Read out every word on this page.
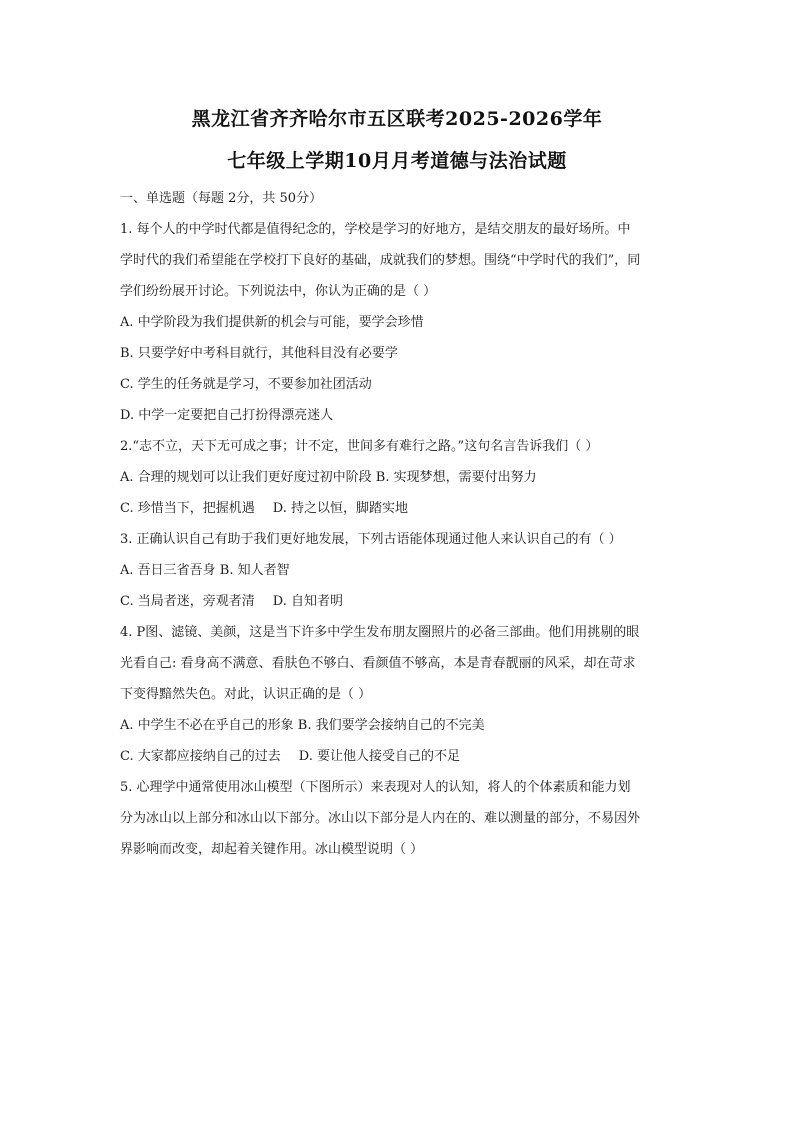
黑龙江省齐齐哈尔市五区联考2025-2026学年
七年级上学期10月月考道德与法治试题
一、单选题（每题 2分，共 50分）
1. 每个人的中学时代都是值得纪念的，学校是学习的好地方，是结交朋友的最好场所。中
学时代的我们希望能在学校打下良好的基础，成就我们的梦想。围绕“中学时代的我们”，同
学们纷纷展开讨论。下列说法中，你认为正确的是（ ）
A. 中学阶段为我们提供新的机会与可能，要学会珍惜
B. 只要学好中考科目就行，其他科目没有必要学
C. 学生的任务就是学习，不要参加社团活动
D. 中学一定要把自己打扮得漂亮迷人
2.“志不立，天下无可成之事；计不定，世间多有难行之路。”这句名言告诉我们（ ）
A. 合理的规划可以让我们更好度过初中阶段 B. 实现梦想，需要付出努力
C. 珍惜当下，把握机遇 D. 持之以恒，脚踏实地
3. 正确认识自己有助于我们更好地发展，下列古语能体现通过他人来认识自己的有（ ）
A. 吾日三省吾身 B. 知人者智
C. 当局者迷，旁观者清 D. 自知者明
4. P图、滤镜、美颜，这是当下许多中学生发布朋友圈照片的必备三部曲。他们用挑剔的眼
光看自己: 看身高不满意、看肤色不够白、看颜值不够高，本是青春靓丽的风采，却在苛求
下变得黯然失色。对此，认识正确的是（ ）
A. 中学生不必在乎自己的形象 B. 我们要学会接纳自己的不完美
C. 大家都应接纳自己的过去 D. 要让他人接受自己的不足
5. 心理学中通常使用冰山模型（下图所示）来表现对人的认知，将人的个体素质和能力划
分为冰山以上部分和冰山以下部分。冰山以下部分是人内在的、难以测量的部分，不易因外
界影响而改变，却起着关键作用。冰山模型说明（ ）
